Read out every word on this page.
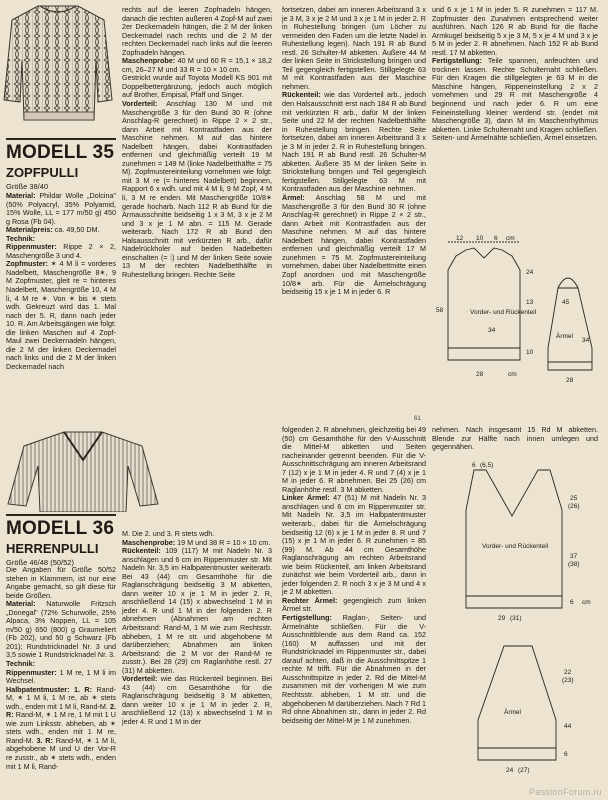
MODELL 35
ZOPFPULLI
Größe 38/40

Material: Phildar Wolle „Dolcina" (50% Polyacryl, 35% Polyamid, 15% Wolle, LL = 177 m/50 g) 450 g Rosa (Fb 04).

Materialpreis: ca. 49,50 DM.

Technik:

Rippenmuster: Rippe 2 × 2, Maschengröße 3 und 4.

Zopfmuster: ✶ 4 M li = vorderes Nadelbett, Maschengröße 8✶, 9 M Zopfmuster, gleit re = hinteres Nadelbett, Maschengröße 10, 4 M li, 4 M re ✶. Von ✶ bis ✶ stets wdh. Gekreuzt wird das 1. Mal nach der 5. R, dann nach jeder 10. R. Am Arbeitsgängen wie folgt: die linken Maschen auf 4 Zopf-Maul zwei Deckernadeln hängen, die 2 M der linken Deckernadel nach links und die 2 M der linken Deckernadel nach

rechts auf die leeren Zopfnadeln hängen, danach die rechten außeren 4 Zopf-M auf zwei 2er Deckernadeln hängen, die 2 M der linken Deckernadel nach rechts und die 2 M der rechten Deckernadel nach links auf die leeren Zopfnadeln hängen.

Maschenprobe: 40 M und 60 R = 15,1 × 18,2 cm, 26–27 M und 33 R = 10 × 10 cm.

Gestrickt wurde auf Toyota Modell KS 901 mit Doppelbettergänzung, jedoch auch möglich auf Brother, Empisal, Pfaff und Singer.

Vorderteil: Anschlag 130 M und mit Maschengröße 3 für den Bund 30 R (ohne Anschlag-R gerechnet) in Rippe 2 × 2 str., dann Arbeit mit Kontrastfaden aus der Maschine nehmen. M auf das hintere Nadelbett hängen, dabei Kontrastfaden entfernen und gleichmäßig verteilt 19 M zunehmen = 149 M (linke Nadelbetthälfte = 75 M). Zopfmustereinteilung vornehmen wie folgt: mit 3 M re (= hinteres Nadelbett) beginnen, Rapport 6 x wdh. und mit 4 M li, 9 M Zopf, 4 M li, 3 M re enden. Mit Maschengröße 10/8✶ gerade hocharb. Nach 112 R ab Bund für die Armausschnitte beidseitig 1 x 3 M, 3 x je 2 M und 3 x je 1 M abn. = 115 M. Gerade weiterarb. Nach 172 R ab Bund den Halsausschnitt mit verkürzten R arb., dafür Nadelrückholer auf beiden Nadelbetten einschalten (= ⁞) und M der linken Seite sowie 13 M der rechten Nadelbetthälfte in Ruhestellung bringen. Rechte Seite

fortsetzen, dabei am inneren Arbeitsrand 3 x je 3 M, 3 x je 2 M und 3 x je 1 M in jeder 2. R in Ruhestellung bringen (um Löcher zu vermeiden den Faden um die letzte Nadel in Ruhestellung legen). Nach 191 R ab Bund restl. 26 Schulter-M abketten. Äußere 44 M der linken Seite in Strickstellung bringen und Teil gegengleich fertigstellen. Stillgelegte 63 M mit Kontrastfaden aus der Maschine nehmen.

Rückenteil: wie das Vorderteil arb., jedoch den Halsausschnitt erst nach 184 R ab Bund mit verkürzten R arb., dafür M der linken Seite und 22 M der rechten Nadelbetthälfte in Ruhestellung bringen. Rechte Seite fortsetzen, dabei am inneren Arbeitsrand 3 x je 3 M in jeder 2. R in Ruhestellung bringen. Nach 191 R ab Bund restl. 26 Schulter-M abketten. Äußere 35 M der linken Seite in Strickstellung bringen und Teil gegengleich fertigstellen. Stillgelegte 63 M mit Kontrastfaden aus der Maschine nehmen.

Ärmel: Anschlag 58 M und mit Maschengröße 3 für den Bund 30 R (ohne Anschlag-R gerechnet) in Rippe 2 × 2 str., dann Arbeit mit Kontrastfaden aus der Maschine nehmen. M auf das hintere Nadelbett hängen, dabei Kontrastfaden entfernen und gleichmäßig verteilt 17 M zunehmen = 75 M. Zopfmustereinteilung vornehmen, dabei über Nadelbettmitte einen Zopf anordnen und mit Maschengröße 10/8✶ arb. Für die Ärmelschrägung beidseitig 15 x je 1 M in jeder 6. R

und 6 x je 1 M in jeder 5. R zunehmen = 117 M. Zopfmuster den Zunahmen entsprechend weiter ausführen. Nach 126 R ab Bund für die flache Armkugel beidseitig 5 x je 3 M, 5 x je 4 M und 3 x je 5 M in jeder 2. R abnehmen. Nach 152 R ab Bund restl. 17 M abketten.

Fertigstellung: Teile spannen, anfeuchten und trocknen lassen. Rechte Schulternaht schließen. Für den Kragen die stillgelegten je 63 M in die Maschine hängen, Rippeneinstellung 2 x 2 vornehmen und 29 R mit Maschengröße 4 beginnend und nach jeder 6. R um eine Feineinstellung kleiner werdend str. (endet mit Maschengröße 3), dann M im Maschenrhythmus abketten. Linke Schulternaht und Kragen schließen. Seiten- und Ärmelnähte schließen, Ärmel einsetzen.

12 10 6 cm
58
34
24
13
10
28	cm
45
34
28
Vorder- und Rückenteil
Ärmel
61
MODELL 36
HERRENPULLI
Größe 46/48 (50/52)

Die Angaben für Größe 50/52 stehen in Klammern, ist nur eine Angabe gemacht, so gilt diese für beide Größen.

Material: Naturwolle Fritzsch „Donegal" (72% Schurwolle, 25% Alpaca, 3% Noppen, LL = 105 m/50 g) 650 (800) g Graumeliert (Fb 202), und 50 g Schwarz (Fb 201); Rundstricknadel Nr. 3 und 3,5 sowie 1 Rundstricknadel Nr. 3.

Technik:

Rippenmuster: 1 M re, 1 M li im Wechsel.

Halbpatentmuster: 1. R: Rand-M, ✶ 1 M li, 1 M re, ab ✶ stets wdh., enden mit 1 M li, Rand-M. 2. R: Rand-M, ✶ 1 M re, 1 M mit 1 U wie zum Linksstr. abheben, ab ✶ stets wdh., enden mit 1 M re, Rand-M. 3. R: Rand-M, ✶ 1 M li, abgehobene M und U der Vor-R re zusstr., ab ✶ stets wdh., enden mit 1 M li, Rand-

M. Die 2. und 3. R stets wdh.

Maschenprobe: 19 M und 38 R = 10 × 10 cm.

Rückenteil: 109 (117) M mit Nadeln Nr. 3 anschlagen und 6 cm im Rippenmuster str. Mit Nadeln Nr. 3,5 im Halbpatentmuster weiterarb. Bei 43 (44) cm Gesamthöhe für die Raglanschrägung beidseitig 3 M abketten, dann weiter 10 x je 1 M in jeder 2. R, anschließend 14 (15) x abwechselnd 1 M in jeder 4. R und 1 M in der folgenden 2. R abnehmen (Abnahmen am rechten Arbeitsrand: Rand-M, 1 M wie zum Rechtsstr. abheben, 1 M re str. und abgehobene M darüberziehen; Abnahmen am linken Arbeitsrand: die 2 M vor der Rand-M re zusstr.). Bei 28 (29) cm Raglanhöhe restl. 27 (31) M abketten.

Vorderteil: wie das Rückenteil beginnen. Bei 43 (44) cm Gesamthöhe für die Raglanschrägung beidseitig 3 M abketten, dann weiter 10 x je 1 M in jeder 2. R, anschließend 12 (13) x abwechselnd 1 M in jeder 4. R und 1 M in der

folgenden 2. R abnehmen, gleichzeitig bei 49 (50) cm Gesamthöhe für den V-Ausschnitt die Mittel-M abketten und Seiten nacheinander getrennt beenden. Für die V-Ausschnittschrägung am inneren Arbeitsrand 7 (12) x je 1 M in jeder 4. R und 7 (4) x je 1 M in jeder 6. R abnehmen. Bei 25 (26) cm Raglanhöhe restl. 3 M abketten.

Linker Ärmel: 47 (51) M mit Nadeln Nr. 3 anschlagen und 6 cm im Rippenmuster str. Mit Nadeln Nr. 3,5 im Halbpatentmuster weiterarb., dabei für die Ärmelschrägung beidseitig 12 (6) x je 1 M in jeder 8. R und 7 (15) x je 1 M in jeder 6. R zunehmen = 85 (99) M. Ab 44 cm Gesamthöhe Raglanschrägung am rechten Arbeitsrand wie beim Rückenteil, am linken Arbeitsrand zunächst wie beim Vorderteil arb., dann in jeder folgenden 2. R noch 3 x je 3 M und 4 x je 2 M abketten.

Rechter Ärmel: gegengleich zum linken Ärmel str.

Fertigstellung: Raglan-, Seiten- und Ärmelnähte schließen. Für die V-Ausschnittblende aus dem Rand ca. 152 (160) M auffassen und mit der Rundstricknadel im Rippenmuster str., dabei darauf achten, daß in die Ausschnittspitze 1 rechte M trifft. Für die Abnahmen in der Ausschnittspitze in jeder 2. Rd die Mittel-M zusammen mit der vorherigen M wie zum Rechtsstr. abheben, 1 M str. und die abgehobenen M darüberziehen. Nach 7 Rd 1 Rd ohne Abnahmen str., dann in jeder 2. Rd beidseitig der Mittel-M je 1 M zunehmen.

nehmen. Nach insgesamt 15 Rd M abketten. Blende zur Hälfte nach innen umlegen und gegennähen.

6 (6,5)
25
(26)
37
(38)
6 cm
29 (31)
22
(23)
44
6
24 (27)
Vorder- und Rückenteil
Ärmel
PassionForum.ru
